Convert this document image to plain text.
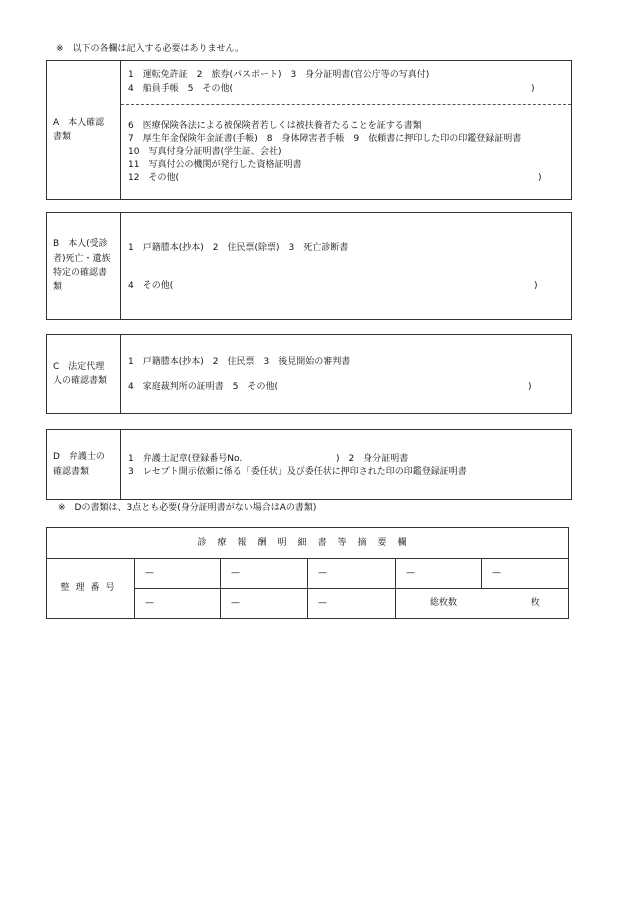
※　以下の各欄は記入する必要はありません。
A　本人確認
書類
1　運転免許証　2　旅券(パスポート)　3　身分証明書(官公庁等の写真付)
4　船員手帳　5　その他(	)
6　医療保険各法による被保険者若しくは被扶養者たることを証する書類
7　厚生年金保険年金証書(手帳)　8　身体障害者手帳　9　依頼書に押印した印の印鑑登録証明書
10　写真付身分証明書(学生証、会社)
11　写真付公の機関が発行した資格証明書
12　その他(	)
B　本人(受診
者)死亡・遺族
特定の確認書
類
1　戸籍謄本(抄本)　2　住民票(除票)　3　死亡診断書
4　その他(	)
C　法定代理
人の確認書類
1　戸籍謄本(抄本)　2　住民票　3　後見開始の審判書
4　家庭裁判所の証明書　5　その他(	)
D　弁護士の
確認書類
1　弁護士記章(登録番号No.	)　2　身分証明書
3　レセプト開示依頼に係る「委任状」及び委任状に押印された印の印鑑登録証明書
※　Dの書類は、3点とも必要(身分証明書がない場合はAの書類)
診療報酬明細書等摘要欄					
整理番号	—	—	—	—	—
	—	—	—	総枚数 枚	
